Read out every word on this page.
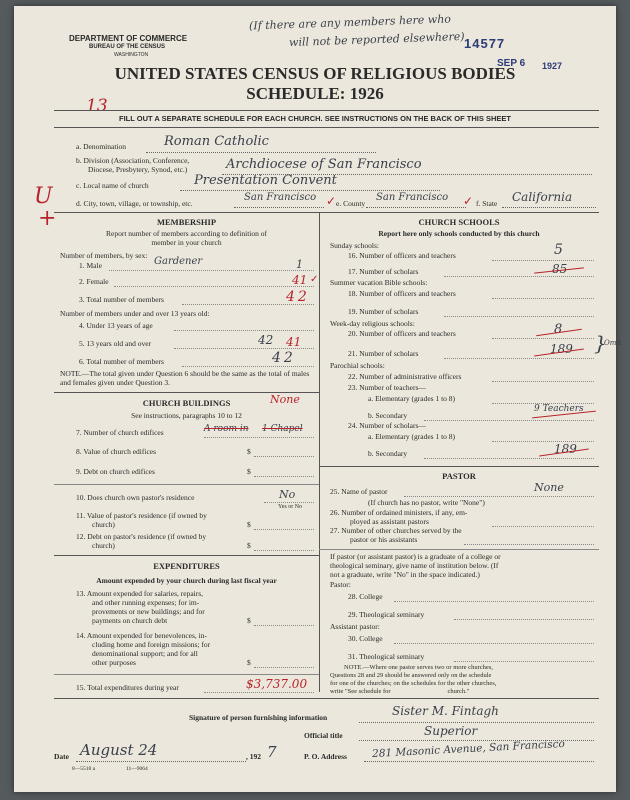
DEPARTMENT OF COMMERCE
BUREAU OF THE CENSUS
WASHINGTON
(If there are any members here who
will not be reported elsewhere) 14577
SEP 6 1927
UNITED STATES CENSUS OF RELIGIOUS BODIES
SCHEDULE: 1926
13
FILL OUT A SEPARATE SCHEDULE FOR EACH CHURCH. SEE INSTRUCTIONS ON THE BACK OF THIS SHEET
U
+
a. Denomination	Roman Catholic
b. Division (Association, Conference,
Diocese, Presbytery, Synod, etc.)	Archdiocese of San Francisco
c. Local name of church	Presentation Convent
d. City, town, village, or township, etc.
San Francisco
e. County
San Francisco
f. State California
MEMBERSHIP
Report number of members according to definition of
member in your church
Number of members, by sex:
1. Male	Gardener	1
2. Female	41
3. Total number of members	42
Number of members under and over 13 years old:
4. Under 13 years of age
5. 13 years old and over	42 41
6. Total number of members	42
NOTE.—The total given under Question 6 should be the same as the total of males and females given under Question 3.
CHURCH BUILDINGS	None
See instructions, paragraphs 10 to 12
7. Number of church edifices	A room in 1 Chapel
8. Value of church edifices	$
9. Debt on church edifices	$
10. Does church own pastor's residence	No
Yes or No
11. Value of pastor's residence (if owned by
church)	$
12. Debt on pastor's residence (if owned by
church)	$
EXPENDITURES
Amount expended by your church during last fiscal year
13. Amount expended for salaries, repairs,
and other running expenses; for im-
provements or new buildings; and for
payments on church debt	$
14. Amount expended for benevolences, in-
cluding home and foreign missions; for
denominational support; and for all
other purposes	$
15. Total expenditures during year	$3,737.00
CHURCH SCHOOLS
Report here only schools conducted by this church
Sunday schools:
16. Number of officers and teachers	5
17. Number of scholars	85
Summer vacation Bible schools:
18. Number of officers and teachers
19. Number of scholars
Week-day religious schools:
20. Number of officers and teachers	8
21. Number of scholars	189 }
Omit
Parochial schools:
22. Number of administrative officers
23. Number of teachers—
a. Elementary (grades 1 to 8)
b. Secondary
9 Teachers
24. Number of scholars—
a. Elementary (grades 1 to 8)
b. Secondary	189
PASTOR
25. Name of pastor	None
(If church has no pastor, write "None")
26. Number of ordained ministers, if any, em-
ployed as assistant pastors
27. Number of other churches served by the
pastor or his assistants
If pastor (or assistant pastor) is a graduate of a college or
theological seminary, give name of institution below. (If
not a graduate, write "No" in the space indicated.)
Pastor:
28. College
29. Theological seminary
Assistant pastor:
30. College
31. Theological seminary
NOTE.—Where one pastor serves two or more churches,
Questions 28 and 29 should be answered only on the schedule
for one of the churches; on the schedules for the other churches,
write "See schedule for                                   church."
Signature of person furnishing information	Sister M. Fintagh
Official title	Superior
Date August 24	, 192 7	P. O. Address 281 Masonic Avenue, San Francisco
8—5518 a	11—9064
✓	✓
✓
